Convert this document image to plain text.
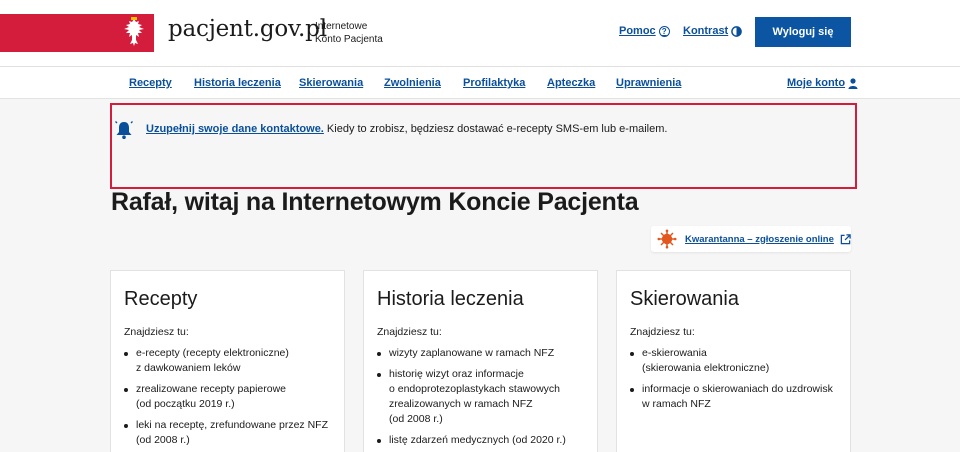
pacjent.gov.pl
Internetowe
Konto Pacjenta
Pomoc ? Kontrast	Wyloguj się
Recepty Historia leczenia Skierowania Zwolnienia Profilaktyka Apteczka Uprawnienia	Moje konto
Uzupełnij swoje dane kontaktowe. Kiedy to zrobisz, będziesz dostawać e-recepty SMS-em lub e-mailem.
Rafał, witaj na Internetowym Koncie Pacjenta
Kwarantanna – zgłoszenie online
Recepty
Znajdziesz tu:
e-recepty (recepty elektroniczne)
z dawkowaniem leków
zrealizowane recepty papierowe
(od początku 2019 r.)
leki na receptę, zrefundowane przez NFZ
(od 2008 r.)
Historia leczenia
Znajdziesz tu:
wizyty zaplanowane w ramach NFZ
historię wizyt oraz informacje
o endoprotezoplastykach stawowych
zrealizowanych w ramach NFZ
(od 2008 r.)
listę zdarzeń medycznych (od 2020 r.)
Skierowania
Znajdziesz tu:
e-skierowania
(skierowania elektroniczne)
informacje o skierowaniach do uzdrowisk
w ramach NFZ
